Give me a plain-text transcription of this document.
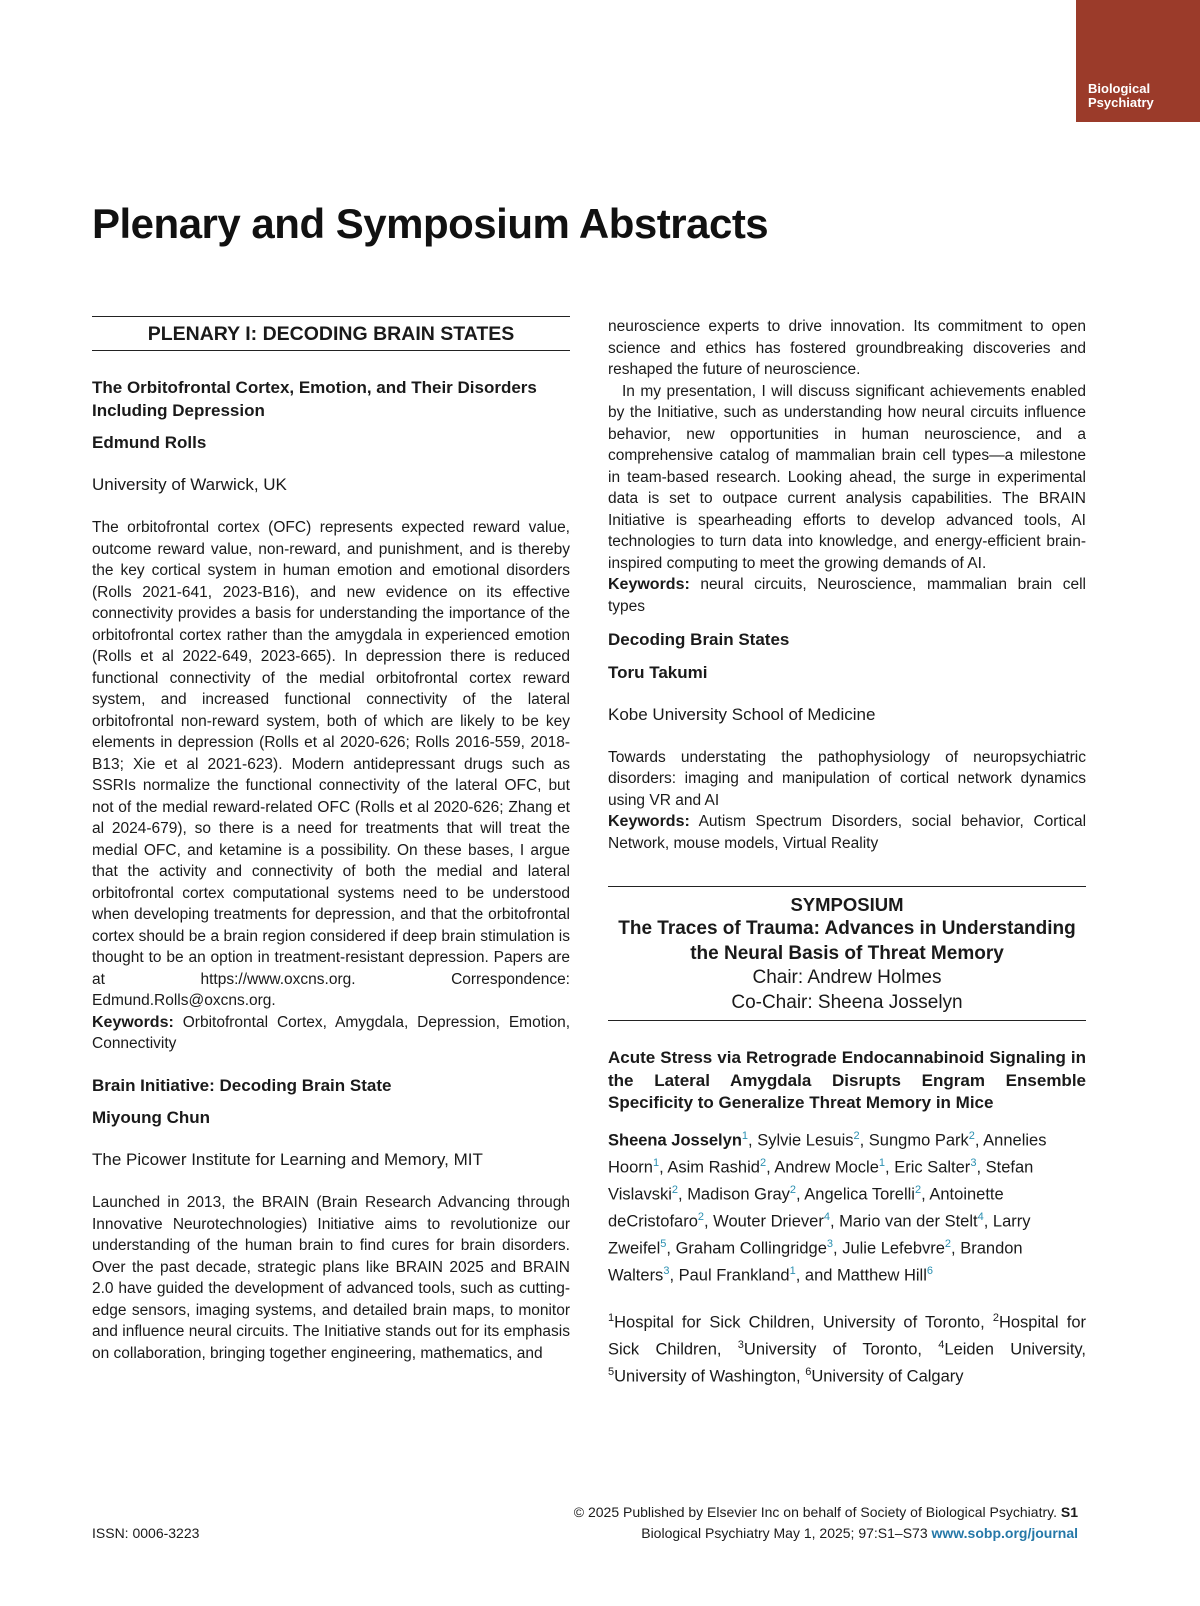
Biological
Psychiatry
Plenary and Symposium Abstracts
PLENARY I: DECODING BRAIN STATES
The Orbitofrontal Cortex, Emotion, and Their Disorders Including Depression
Edmund Rolls
University of Warwick, UK

The orbitofrontal cortex (OFC) represents expected reward value, outcome reward value, non-reward, and punishment, and is thereby the key cortical system in human emotion and emotional disorders (Rolls 2021-641, 2023-B16), and new evidence on its effective connectivity provides a basis for understanding the importance of the orbitofrontal cortex rather than the amygdala in experienced emotion (Rolls et al 2022-649, 2023-665). In depression there is reduced functional connectivity of the medial orbitofrontal cortex reward system, and increased functional connectivity of the lateral orbitofrontal non-reward system, both of which are likely to be key elements in depression (Rolls et al 2020-626; Rolls 2016-559, 2018-B13; Xie et al 2021-623). Modern antidepressant drugs such as SSRIs normalize the functional connectivity of the lateral OFC, but not of the medial reward-related OFC (Rolls et al 2020-626; Zhang et al 2024-679), so there is a need for treatments that will treat the medial OFC, and ketamine is a possibility. On these bases, I argue that the activity and connectivity of both the medial and lateral orbitofrontal cortex computational systems need to be understood when developing treatments for depression, and that the orbitofrontal cortex should be a brain region considered if deep brain stimulation is thought to be an option in treatment-resistant depression. Papers are at https://www.oxcns.org. Correspondence: Edmund.Rolls@oxcns.org.

Keywords: Orbitofrontal Cortex, Amygdala, Depression, Emotion, Connectivity
Brain Initiative: Decoding Brain State
Miyoung Chun
The Picower Institute for Learning and Memory, MIT

Launched in 2013, the BRAIN (Brain Research Advancing through Innovative Neurotechnologies) Initiative aims to revolutionize our understanding of the human brain to find cures for brain disorders. Over the past decade, strategic plans like BRAIN 2025 and BRAIN 2.0 have guided the development of advanced tools, such as cutting-edge sensors, imaging systems, and detailed brain maps, to monitor and influence neural circuits. The Initiative stands out for its emphasis on collaboration, bringing together engineering, mathematics, and

neuroscience experts to drive innovation. Its commitment to open science and ethics has fostered groundbreaking discoveries and reshaped the future of neuroscience.

In my presentation, I will discuss significant achievements enabled by the Initiative, such as understanding how neural circuits influence behavior, new opportunities in human neuroscience, and a comprehensive catalog of mammalian brain cell types—a milestone in team-based research. Looking ahead, the surge in experimental data is set to outpace current analysis capabilities. The BRAIN Initiative is spearheading efforts to develop advanced tools, AI technologies to turn data into knowledge, and energy-efficient brain-inspired computing to meet the growing demands of AI.

Keywords: neural circuits, Neuroscience, mammalian brain cell types
Decoding Brain States
Toru Takumi
Kobe University School of Medicine

Towards understating the pathophysiology of neuropsychiatric disorders: imaging and manipulation of cortical network dynamics using VR and AI

Keywords: Autism Spectrum Disorders, social behavior, Cortical Network, mouse models, Virtual Reality
SYMPOSIUM
The Traces of Trauma: Advances in Understanding the Neural Basis of Threat Memory
Chair: Andrew Holmes
Co-Chair: Sheena Josselyn
Acute Stress via Retrograde Endocannabinoid Signaling in the Lateral Amygdala Disrupts Engram Ensemble Specificity to Generalize Threat Memory in Mice
Sheena Josselyn$^1$, Sylvie Lesuis$^2$, Sungmo Park$^2$, Annelies Hoorn$^1$, Asim Rashid$^2$, Andrew Mocle$^1$, Eric Salter$^3$, Stefan Vislavski$^2$, Madison Gray$^2$, Angelica Torelli$^2$, Antoinette deCristofaro$^2$, Wouter Driever$^4$, Mario van der Stelt$^4$, Larry Zweifel$^5$, Graham Collingridge$^3$, Julie Lefebvre$^2$, Brandon Walters$^3$, Paul Frankland$^1$, and Matthew Hill$^6$
$^1$Hospital for Sick Children, University of Toronto, $^2$Hospital for Sick Children, $^3$University of Toronto, $^4$Leiden University, $^5$University of Washington, $^6$University of Calgary
© 2025 Published by Elsevier Inc on behalf of Society of Biological Psychiatry. S1
ISSN: 0006-3223	Biological Psychiatry May 1, 2025; 97:S1–S73 www.sobp.org/journal
